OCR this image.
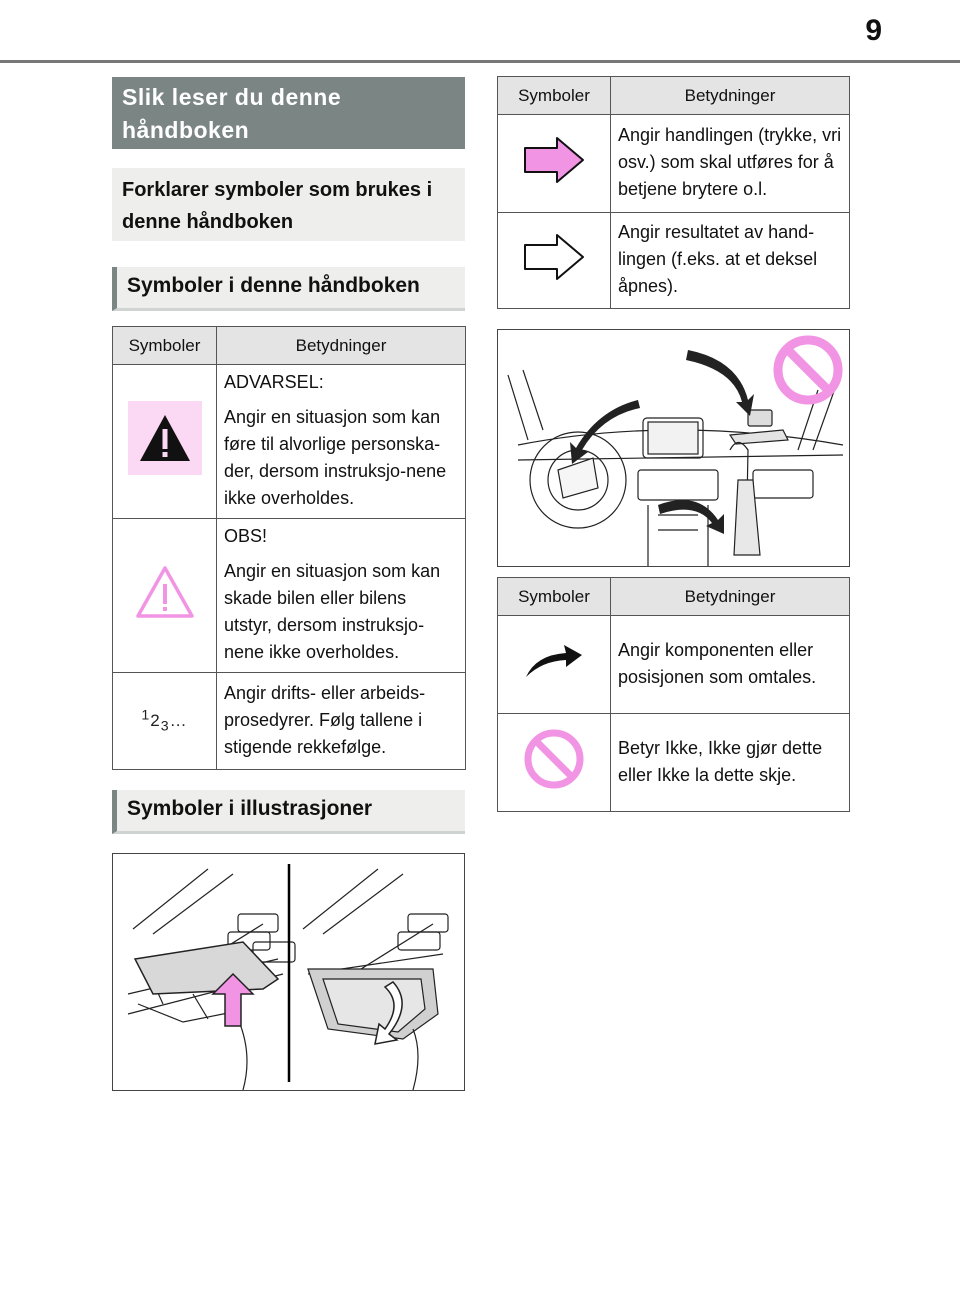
9
Slik leser du denne håndboken
Forklarer symboler som brukes i denne håndboken
Symboler i denne håndboken
Symboler	Betydninger

ADVARSEL:

Angir en situasjon som kan føre til alvorlige personska-der, dersom instruksjo-nene ikke overholdes.

OBS!

Angir en situasjon som kan skade bilen eller bilens utstyr, dersom instruksjo-nene ikke overholdes.

$^12_3\dots$	Angir drifts- eller arbeids-prosedyrer. Følg tallene i stigende rekkefølge.

Symboler i illustrasjoner
Symboler	Betydninger
	Angir handlingen (trykke, vri osv.) som skal utføres for å betjene brytere o.l.
	Angir resultatet av hand-lingen (f.eks. at et deksel åpnes).
Symboler	Betydninger
	Angir komponenten eller posisjonen som omtales.
	Betyr Ikke, Ikke gjør dette eller Ikke la dette skje.
